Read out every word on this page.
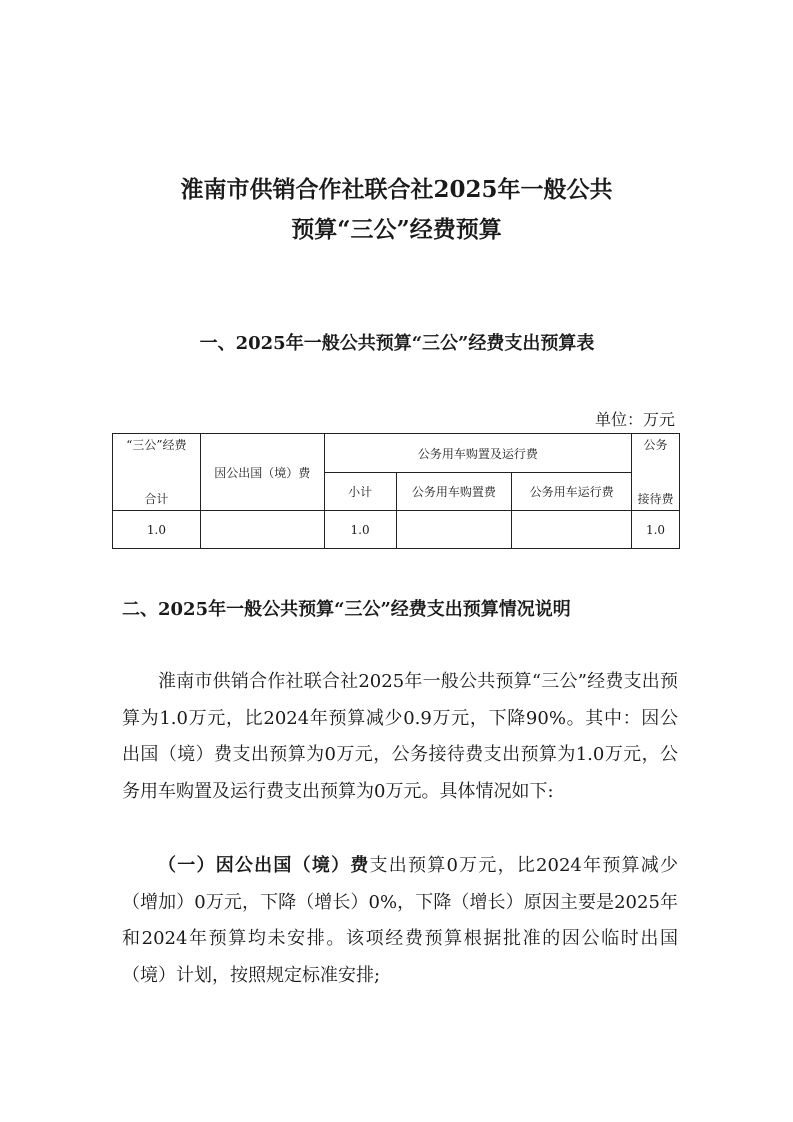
淮南市供销合作社联合社2025年一般公共
预算“三公”经费预算
一、2025年一般公共预算“三公”经费支出预算表

单位：万元

“三公”经费
合计	因公出国（境）费	公务用车购置及运行费			公务
接待费

		小计	公务用车购置费	公务用车运行费	
1.0		1.0			1.0
二、2025年一般公共预算“三公”经费支出预算情况说明

淮南市供销合作社联合社2025年一般公共预算“三公”经费支出预算为1.0万元，比2024年预算减少0.9万元，下降90%。其中：因公出国（境）费支出预算为0万元，公务接待费支出预算为1.0万元，公务用车购置及运行费支出预算为0万元。具体情况如下:

（一）因公出国（境）费支出预算0万元，比2024年预算减少（增加）0万元，下降（增长）0%，下降（增长）原因主要是2025年和2024年预算均未安排。该项经费预算根据批准的因公临时出国（境）计划，按照规定标准安排;
